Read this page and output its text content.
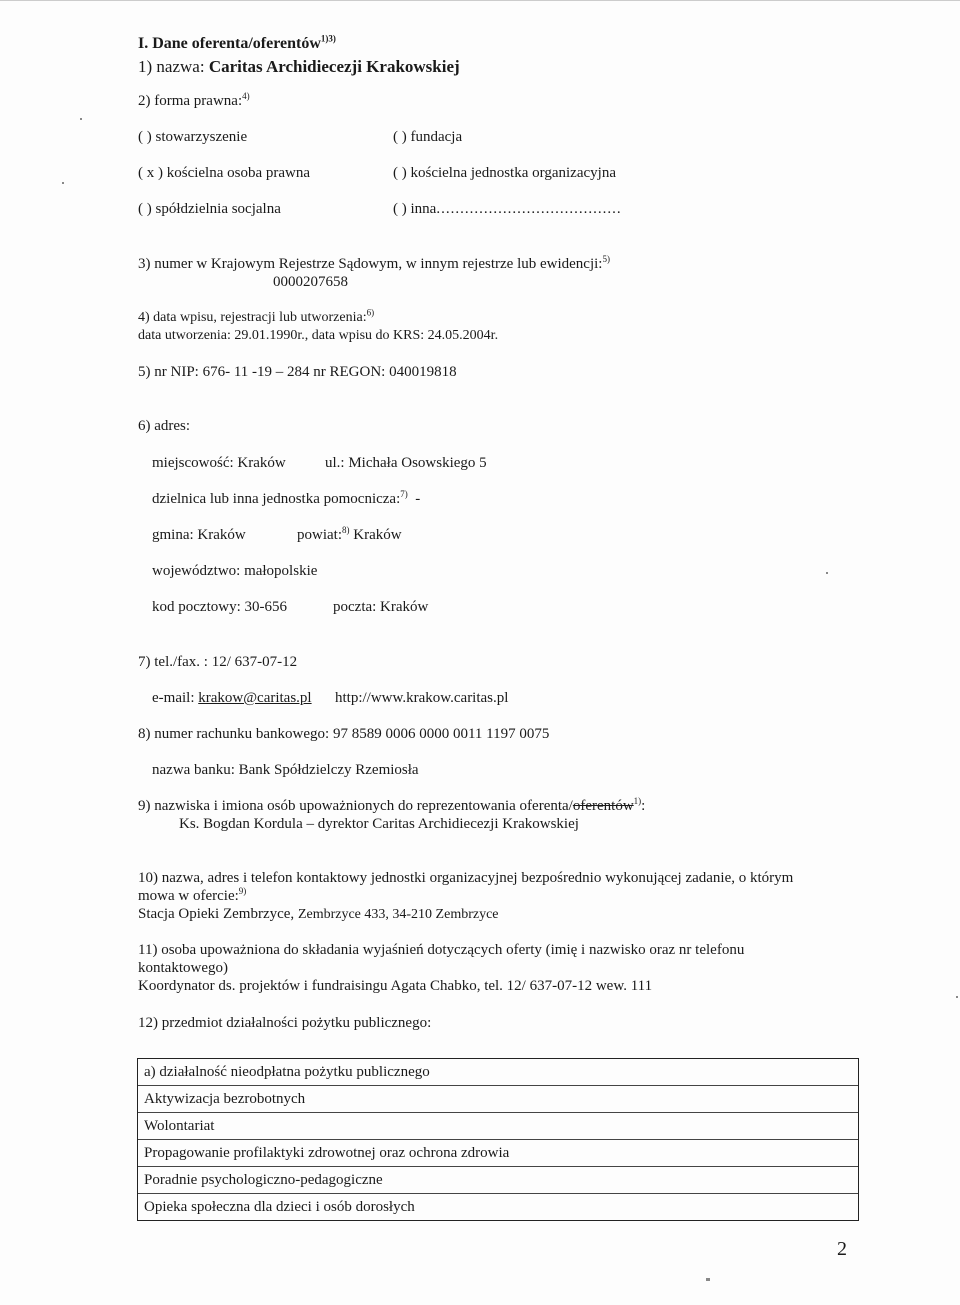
I. Dane oferenta/oferentów$^{1)3)}$
1) nazwa: Caritas Archidiecezji Krakowskiej
2) forma prawna:$^{4)}$
( ) stowarzyszenie	( ) fundacja
( x ) kościelna osoba prawna	( ) kościelna jednostka organizacyjna
( ) spółdzielnia socjalna	( ) inna.......................................
3) numer w Krajowym Rejestrze Sądowym, w innym rejestrze lub ewidencji:$^{5)}$
0000207658
4) data wpisu, rejestracji lub utworzenia:$^{6)}$
data utworzenia: 29.01.1990r., data wpisu do KRS: 24.05.2004r.
5) nr NIP: 676- 11 -19 – 284 nr REGON: 040019818
6) adres:
miejscowość: Kraków	ul.: Michała Osowskiego 5
dzielnica lub inna jednostka pomocnicza:$^{7)}$ -
gmina: Kraków	powiat:$^{8)}$ Kraków
województwo: małopolskie
kod pocztowy: 30-656	poczta: Kraków
7) tel./fax. : 12/ 637-07-12
e-mail: krakow@caritas.pl http://www.krakow.caritas.pl
8) numer rachunku bankowego: 97 8589 0006 0000 0011 1197 0075
nazwa banku: Bank Spółdzielczy Rzemiosła
9) nazwiska i imiona osób upoważnionych do reprezentowania oferenta/oferentów$^{1)}$:
Ks. Bogdan Kordula – dyrektor Caritas Archidiecezji Krakowskiej
10) nazwa, adres i telefon kontaktowy jednostki organizacyjnej bezpośrednio wykonującej zadanie, o którym
mowa w ofercie:$^{9)}$
Stacja Opieki Zembrzyce, Zembrzyce 433, 34-210 Zembrzyce
11) osoba upoważniona do składania wyjaśnień dotyczących oferty (imię i nazwisko oraz nr telefonu
kontaktowego)
Koordynator ds. projektów i fundraisingu Agata Chabko, tel. 12/ 637-07-12 wew. 111
12) przedmiot działalności pożytku publicznego:
a) działalność nieodpłatna pożytku publicznego
Aktywizacja bezrobotnych
Wolontariat
Propagowanie profilaktyki zdrowotnej oraz ochrona zdrowia
Poradnie psychologiczno-pedagogiczne
Opieka społeczna dla dzieci i osób dorosłych
2
